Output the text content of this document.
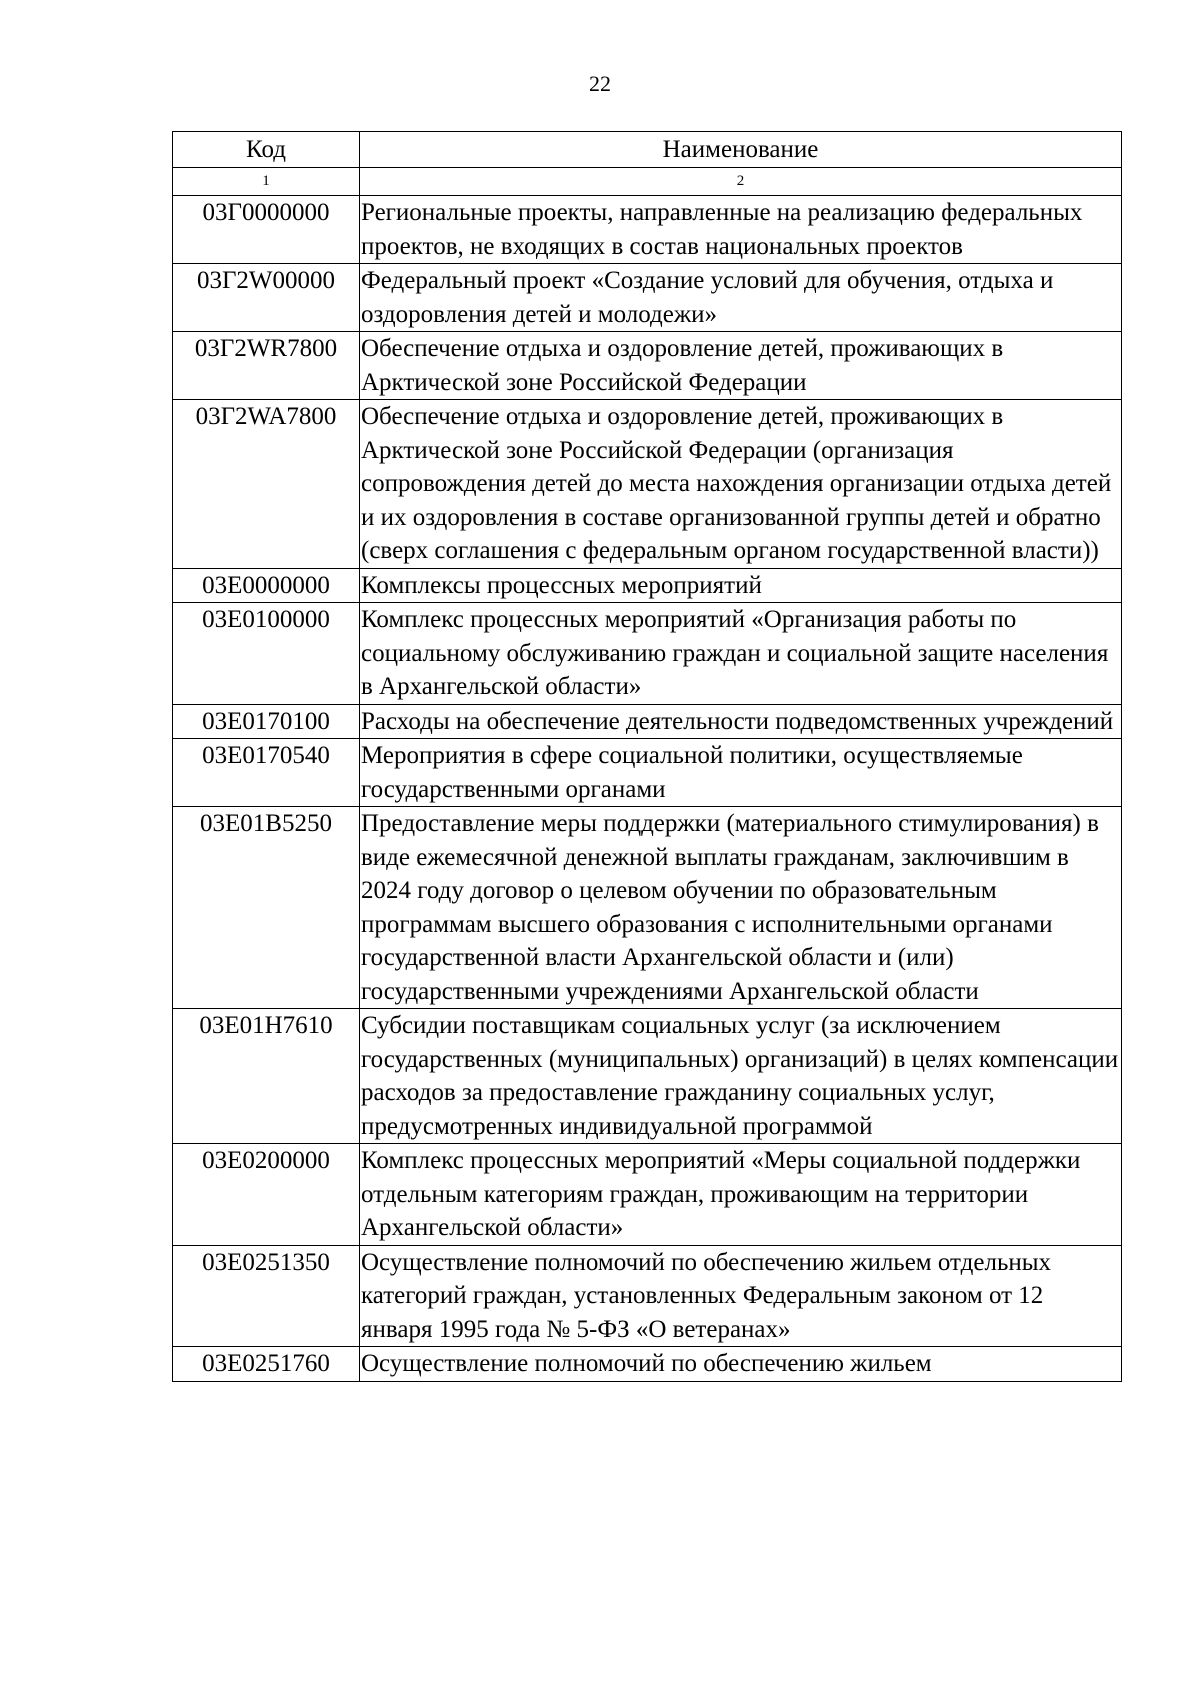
22
Код	Наименование
1	2
03Г0000000	Региональные проекты, направленные на реализацию федеральных проектов, не входящих в состав национальных проектов
03Г2W00000	Федеральный проект «Создание условий для обучения, отдыха и оздоровления детей и молодежи»
03Г2WR7800	Обеспечение отдыха и оздоровление детей, проживающих в Арктической зоне Российской Федерации
03Г2WA7800	Обеспечение отдыха и оздоровление детей, проживающих в Арктической зоне Российской Федерации (организация сопровождения детей до места нахождения организации отдыха детей и их оздоровления в составе организованной группы детей и обратно (сверх соглашения с федеральным органом государственной власти))
03Е0000000	Комплексы процессных мероприятий
03Е0100000	Комплекс процессных мероприятий «Организация работы по социальному обслуживанию граждан и социальной защите населения в Архангельской области»
03Е0170100	Расходы на обеспечение деятельности подведомственных учреждений
03Е0170540	Мероприятия в сфере социальной политики, осуществляемые государственными органами
03Е01В5250	Предоставление меры поддержки (материального стимулирования) в виде ежемесячной денежной выплаты гражданам, заключившим в 2024 году договор о целевом обучении по образовательным программам высшего образования с исполнительными органами государственной власти Архангельской области и (или) государственными учреждениями Архангельской области
03Е01Н7610	Субсидии поставщикам социальных услуг (за исключением государственных (муниципальных) организаций) в целях компенсации расходов за предоставление гражданину социальных услуг, предусмотренных индивидуальной программой
03Е0200000	Комплекс процессных мероприятий «Меры социальной поддержки отдельным категориям граждан, проживающим на территории Архангельской области»
03Е0251350	Осуществление полномочий по обеспечению жильем отдельных категорий граждан, установленных Федеральным законом от 12 января 1995 года № 5-ФЗ «О ветеранах»
03Е0251760	Осуществление полномочий по обеспечению жильем
